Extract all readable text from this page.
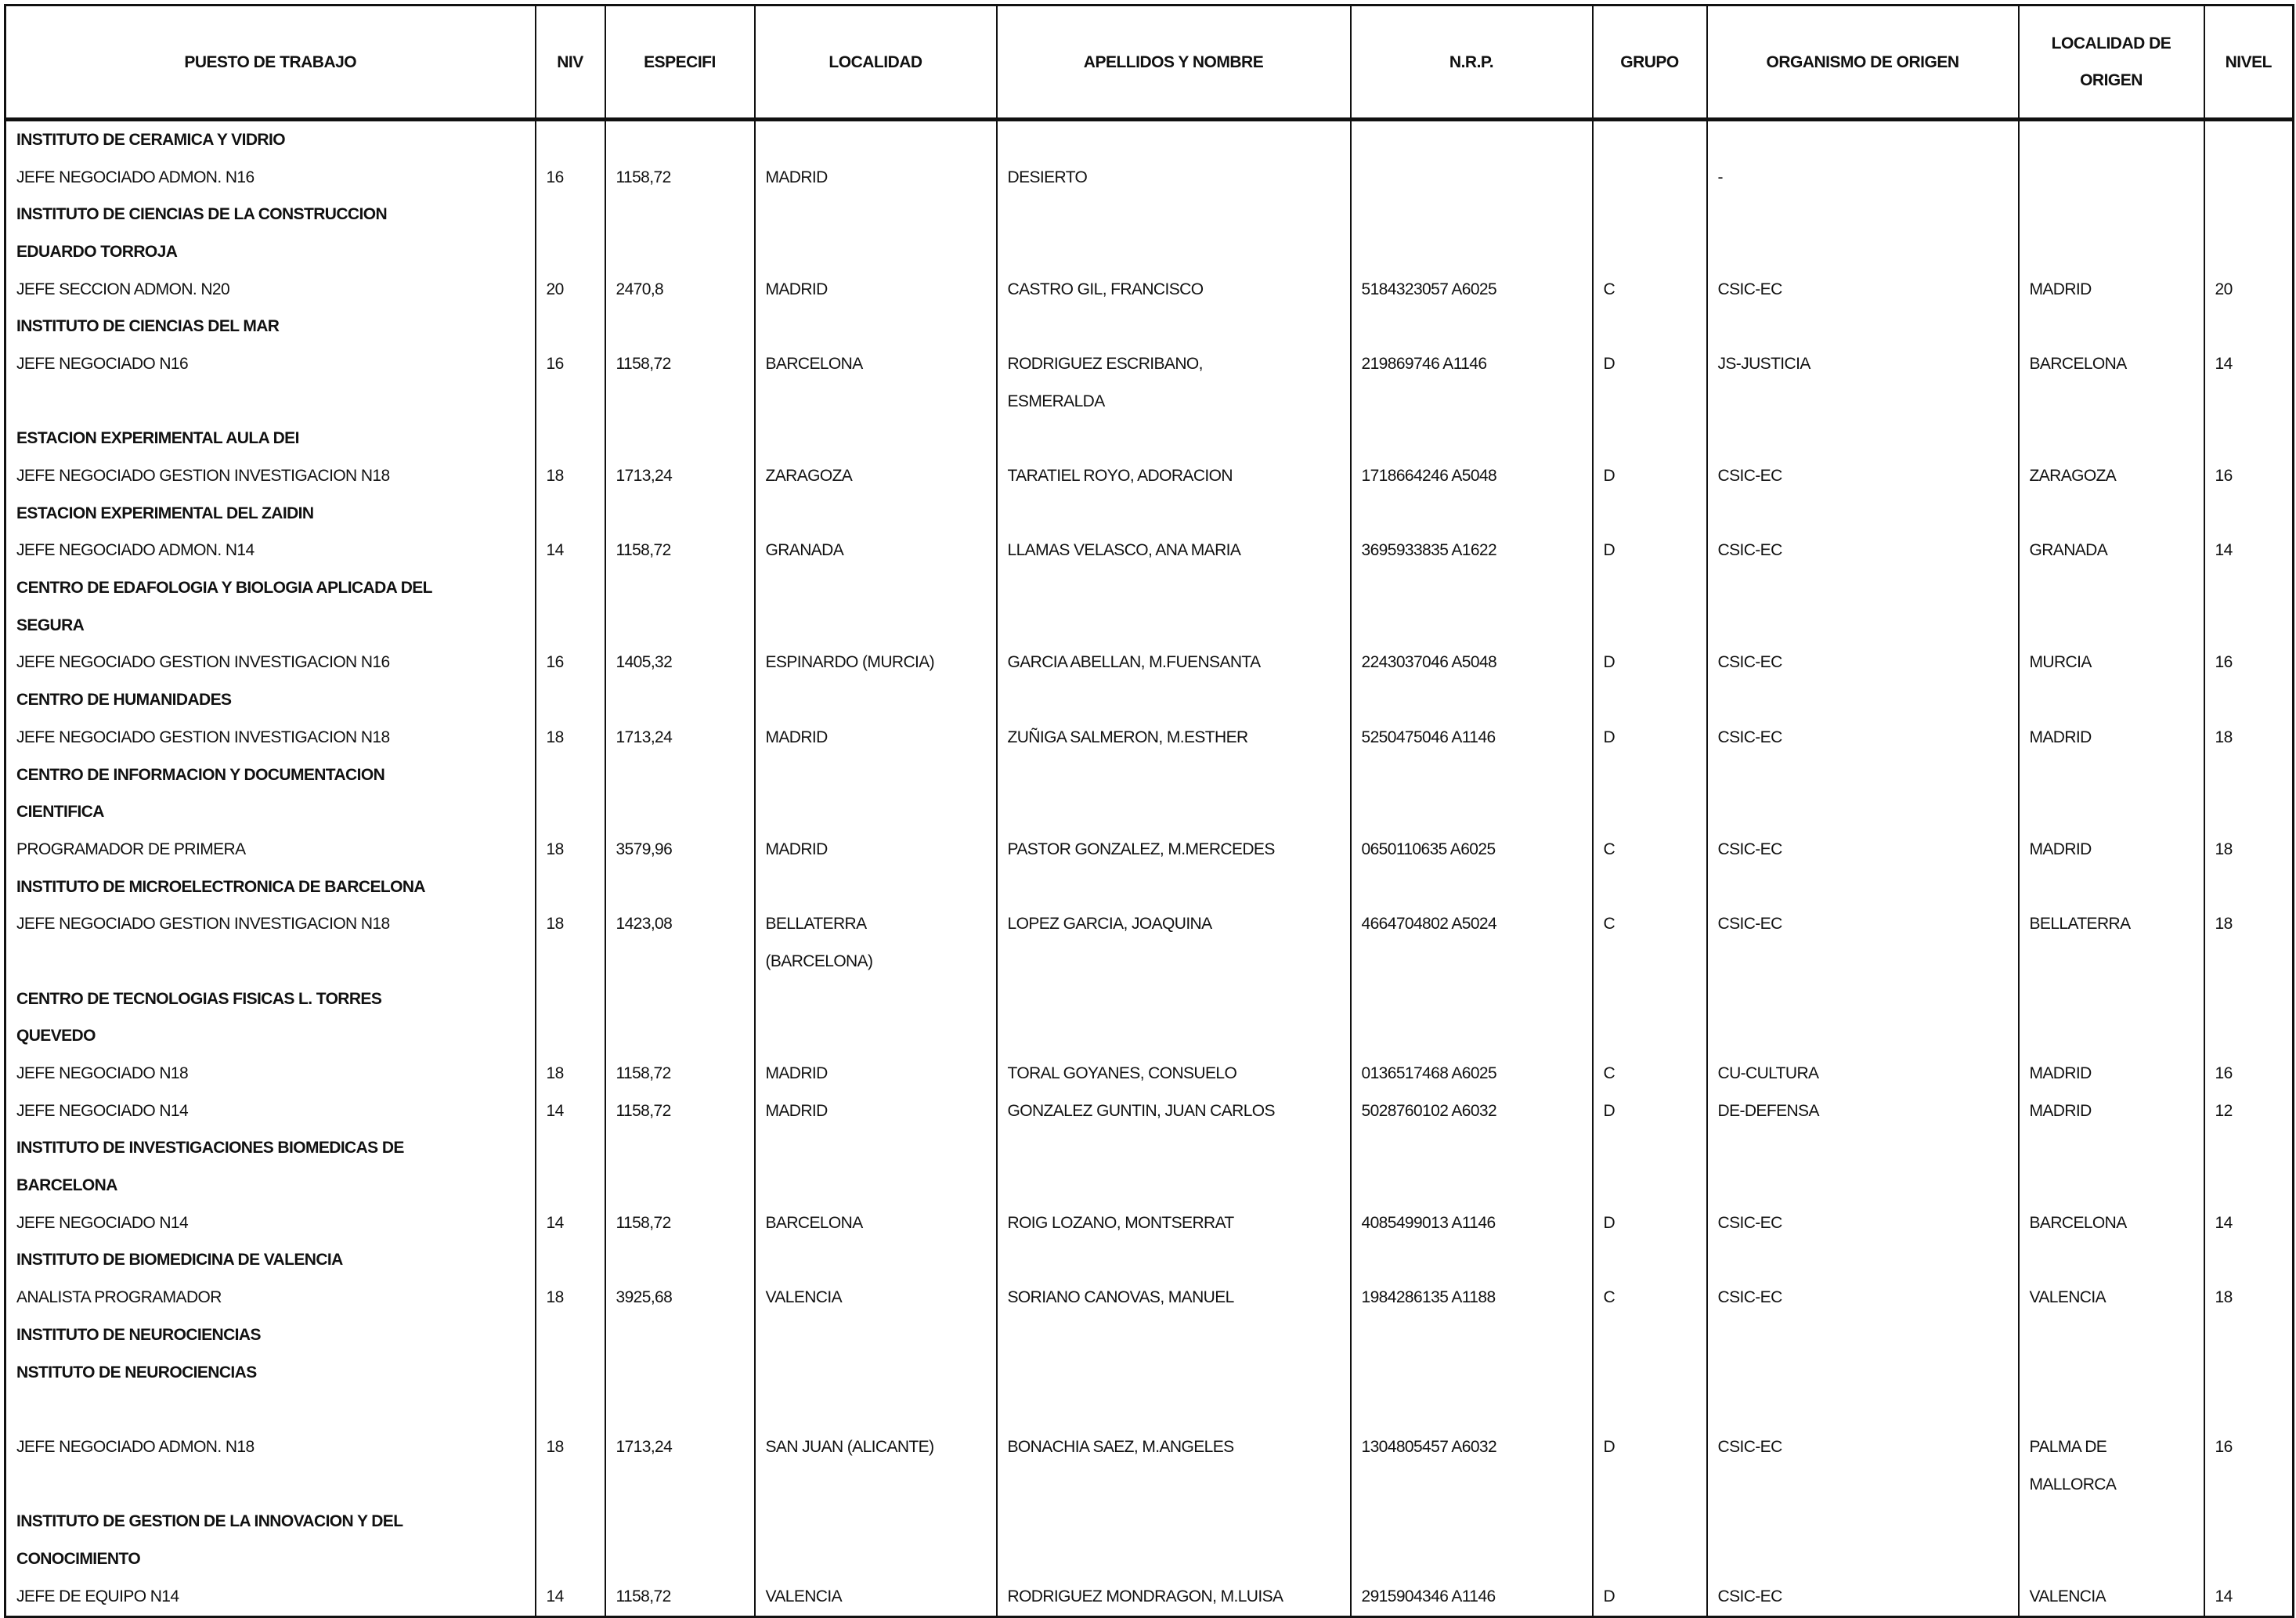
PUESTO DE TRABAJO	NIV	ESPECIFI	LOCALIDAD	APELLIDOS Y NOMBRE	N.R.P.	GRUPO	ORGANISMO DE ORIGEN	LOCALIDAD DE ORIGEN	NIVEL
INSTITUTO DE CERAMICA Y VIDRIO									
JEFE NEGOCIADO ADMON. N16	16	1158,72	MADRID	DESIERTO			-		
INSTITUTO DE CIENCIAS DE LA CONSTRUCCION									
EDUARDO TORROJA									
JEFE SECCION ADMON. N20	20	2470,8	MADRID	CASTRO GIL, FRANCISCO	5184323057 A6025	C	CSIC-EC	MADRID	20
INSTITUTO DE CIENCIAS DEL MAR									
JEFE NEGOCIADO N16	16	1158,72	BARCELONA	RODRIGUEZ ESCRIBANO,	219869746 A1146	D	JS-JUSTICIA	BARCELONA	14
				ESMERALDA					
ESTACION EXPERIMENTAL AULA DEI									
JEFE NEGOCIADO GESTION INVESTIGACION N18	18	1713,24	ZARAGOZA	TARATIEL ROYO, ADORACION	1718664246 A5048	D	CSIC-EC	ZARAGOZA	16
ESTACION EXPERIMENTAL DEL ZAIDIN									
JEFE NEGOCIADO ADMON. N14	14	1158,72	GRANADA	LLAMAS VELASCO, ANA MARIA	3695933835 A1622	D	CSIC-EC	GRANADA	14
CENTRO DE EDAFOLOGIA Y BIOLOGIA APLICADA DEL									
SEGURA									
JEFE NEGOCIADO GESTION INVESTIGACION N16	16	1405,32	ESPINARDO (MURCIA)	GARCIA ABELLAN, M.FUENSANTA	2243037046 A5048	D	CSIC-EC	MURCIA	16
CENTRO DE HUMANIDADES									
JEFE NEGOCIADO GESTION INVESTIGACION N18	18	1713,24	MADRID	ZUÑIGA SALMERON, M.ESTHER	5250475046 A1146	D	CSIC-EC	MADRID	18
CENTRO DE INFORMACION Y DOCUMENTACION									
CIENTIFICA									
PROGRAMADOR DE PRIMERA	18	3579,96	MADRID	PASTOR GONZALEZ, M.MERCEDES	0650110635 A6025	C	CSIC-EC	MADRID	18
INSTITUTO DE MICROELECTRONICA DE BARCELONA									
JEFE NEGOCIADO GESTION INVESTIGACION N18	18	1423,08	BELLATERRA	LOPEZ GARCIA, JOAQUINA	4664704802 A5024	C	CSIC-EC	BELLATERRA	18
			(BARCELONA)						
CENTRO DE TECNOLOGIAS FISICAS L. TORRES									
QUEVEDO									
JEFE NEGOCIADO N18	18	1158,72	MADRID	TORAL GOYANES, CONSUELO	0136517468 A6025	C	CU-CULTURA	MADRID	16
JEFE NEGOCIADO N14	14	1158,72	MADRID	GONZALEZ GUNTIN, JUAN CARLOS	5028760102 A6032	D	DE-DEFENSA	MADRID	12
INSTITUTO DE INVESTIGACIONES BIOMEDICAS DE									
BARCELONA									
JEFE NEGOCIADO N14	14	1158,72	BARCELONA	ROIG LOZANO, MONTSERRAT	4085499013 A1146	D	CSIC-EC	BARCELONA	14
INSTITUTO DE BIOMEDICINA DE VALENCIA									
ANALISTA PROGRAMADOR	18	3925,68	VALENCIA	SORIANO CANOVAS, MANUEL	1984286135 A1188	C	CSIC-EC	VALENCIA	18
INSTITUTO DE NEUROCIENCIAS									
NSTITUTO DE NEUROCIENCIAS									

JEFE NEGOCIADO ADMON. N18	18	1713,24	SAN JUAN (ALICANTE)	BONACHIA SAEZ, M.ANGELES	1304805457 A6032	D	CSIC-EC	PALMA DE	16
								MALLORCA	
INSTITUTO DE GESTION DE LA INNOVACION Y DEL									
CONOCIMIENTO									
JEFE DE EQUIPO N14	14	1158,72	VALENCIA	RODRIGUEZ MONDRAGON, M.LUISA	2915904346 A1146	D	CSIC-EC	VALENCIA	14
